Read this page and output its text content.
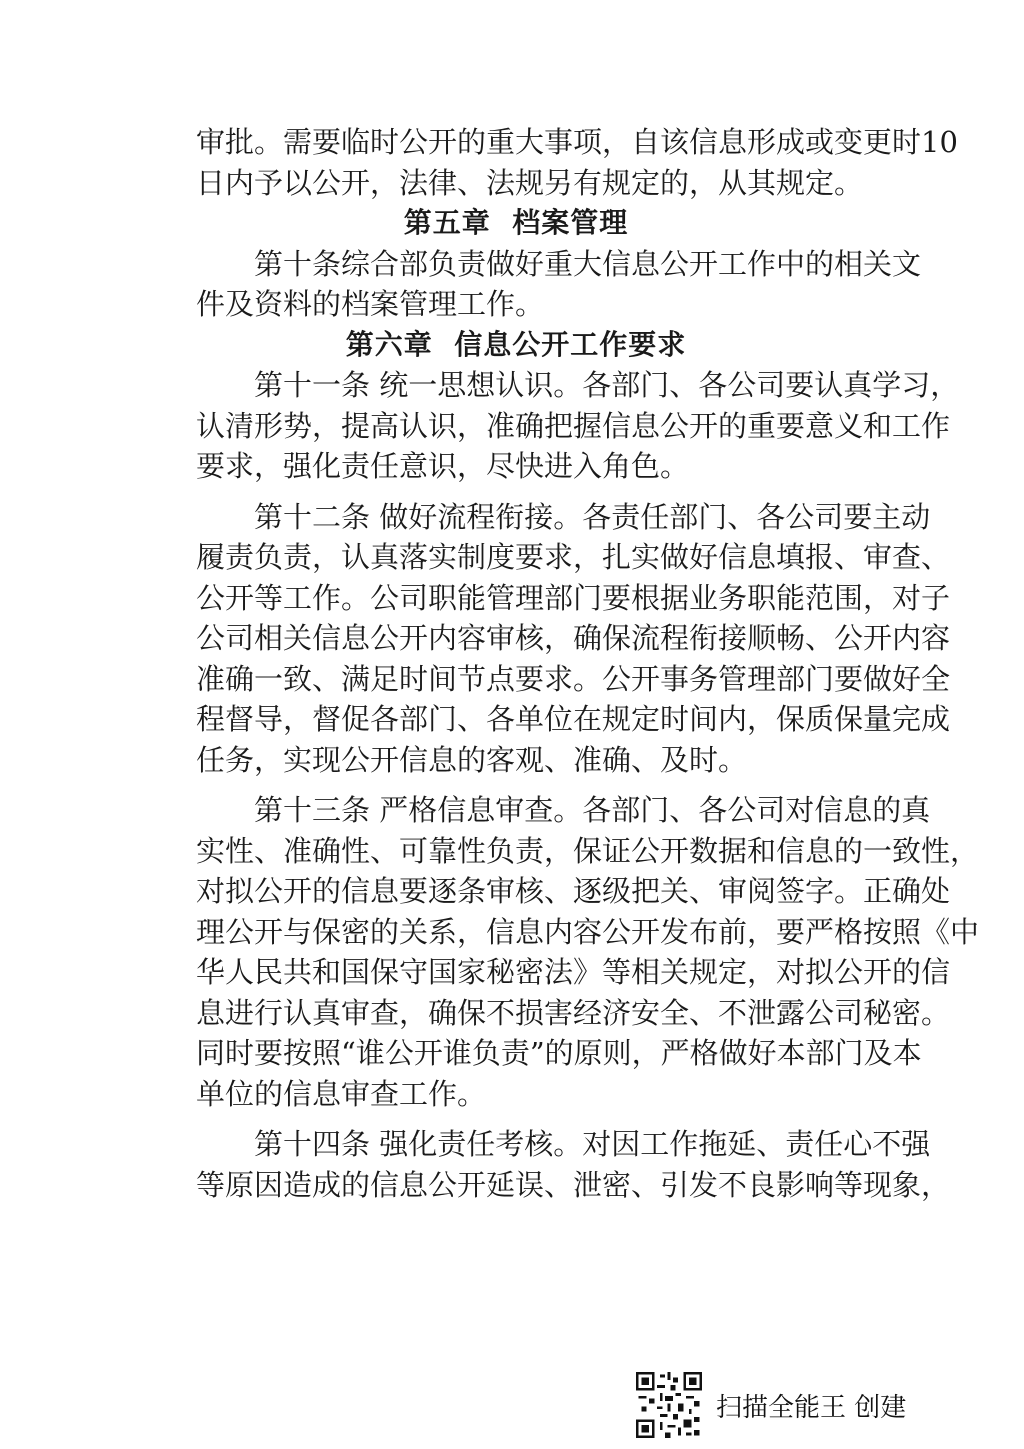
审批。需要临时公开的重大事项，自该信息形成或变更时10
日内予以公开，法律、法规另有规定的，从其规定。
第五章  档案管理
第十条综合部负责做好重大信息公开工作中的相关文
件及资料的档案管理工作。
第六章  信息公开工作要求
第十一条 统一思想认识。各部门、各公司要认真学习，
认清形势，提高认识，准确把握信息公开的重要意义和工作
要求，强化责任意识，尽快进入角色。
第十二条 做好流程衔接。各责任部门、各公司要主动
履责负责，认真落实制度要求，扎实做好信息填报、审查、
公开等工作。公司职能管理部门要根据业务职能范围，对子
公司相关信息公开内容审核，确保流程衔接顺畅、公开内容
准确一致、满足时间节点要求。公开事务管理部门要做好全
程督导，督促各部门、各单位在规定时间内，保质保量完成
任务，实现公开信息的客观、准确、及时。
第十三条 严格信息审查。各部门、各公司对信息的真
实性、准确性、可靠性负责，保证公开数据和信息的一致性，
对拟公开的信息要逐条审核、逐级把关、审阅签字。正确处
理公开与保密的关系，信息内容公开发布前，要严格按照《中
华人民共和国保守国家秘密法》等相关规定，对拟公开的信
息进行认真审查，确保不损害经济安全、不泄露公司秘密。
同时要按照“谁公开谁负责”的原则，严格做好本部门及本
单位的信息审查工作。
第十四条 强化责任考核。对因工作拖延、责任心不强
等原因造成的信息公开延误、泄密、引发不良影响等现象，
扫描全能王 创建
